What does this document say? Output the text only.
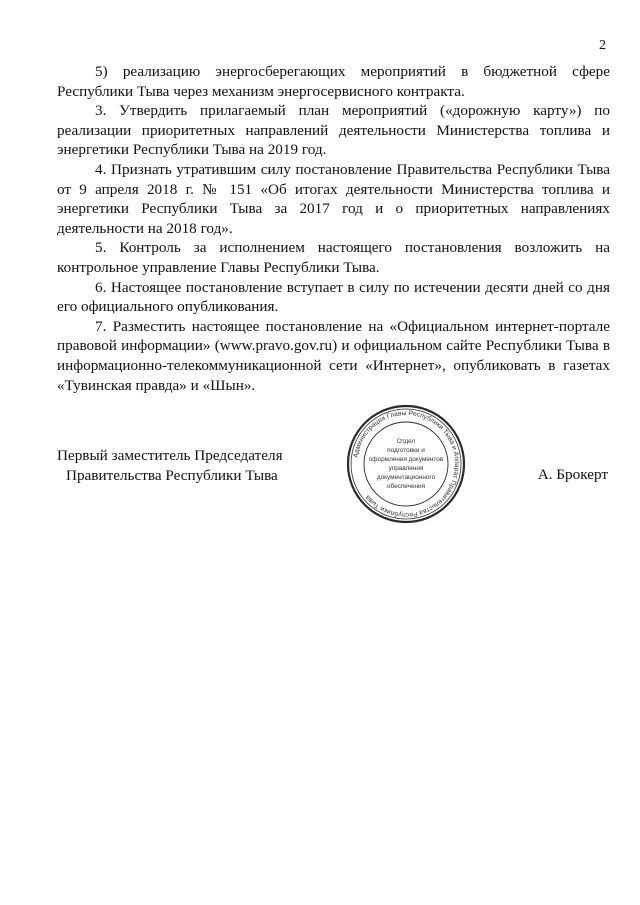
2

5) реализацию энергосберегающих мероприятий в бюджетной сфере Республики Тыва через механизм энергосервисного контракта.

3. Утвердить прилагаемый план мероприятий («дорожную карту») по реализации приоритетных направлений деятельности Министерства топлива и энергетики Республики Тыва на 2019 год.

4. Признать утратившим силу постановление Правительства Республики Тыва от 9 апреля 2018 г. № 151 «Об итогах деятельности Министерства топлива и энергетики Республики Тыва за 2017 год и о приоритетных направлениях деятельности на 2018 год».

5. Контроль за исполнением настоящего постановления возложить на контрольное управление Главы Республики Тыва.

6. Настоящее постановление вступает в силу по истечении десяти дней со дня его официального опубликования.

7. Разместить настоящее постановление на «Официальном интернет-портале правовой информации» (www.pravo.gov.ru) и официальном сайте Республики Тыва в информационно-телекоммуникационной сети «Интернет», опубликовать в газетах «Тувинская правда» и «Шын».

Первый заместитель Председателя
Правительства Республики Тыва
Администрация Главы Республики Тыва и Аппарат Правительства Республики Тыва
Отдел
подготовки и
оформления документов
управления
документационного
обеспечения
А. Брокерт
